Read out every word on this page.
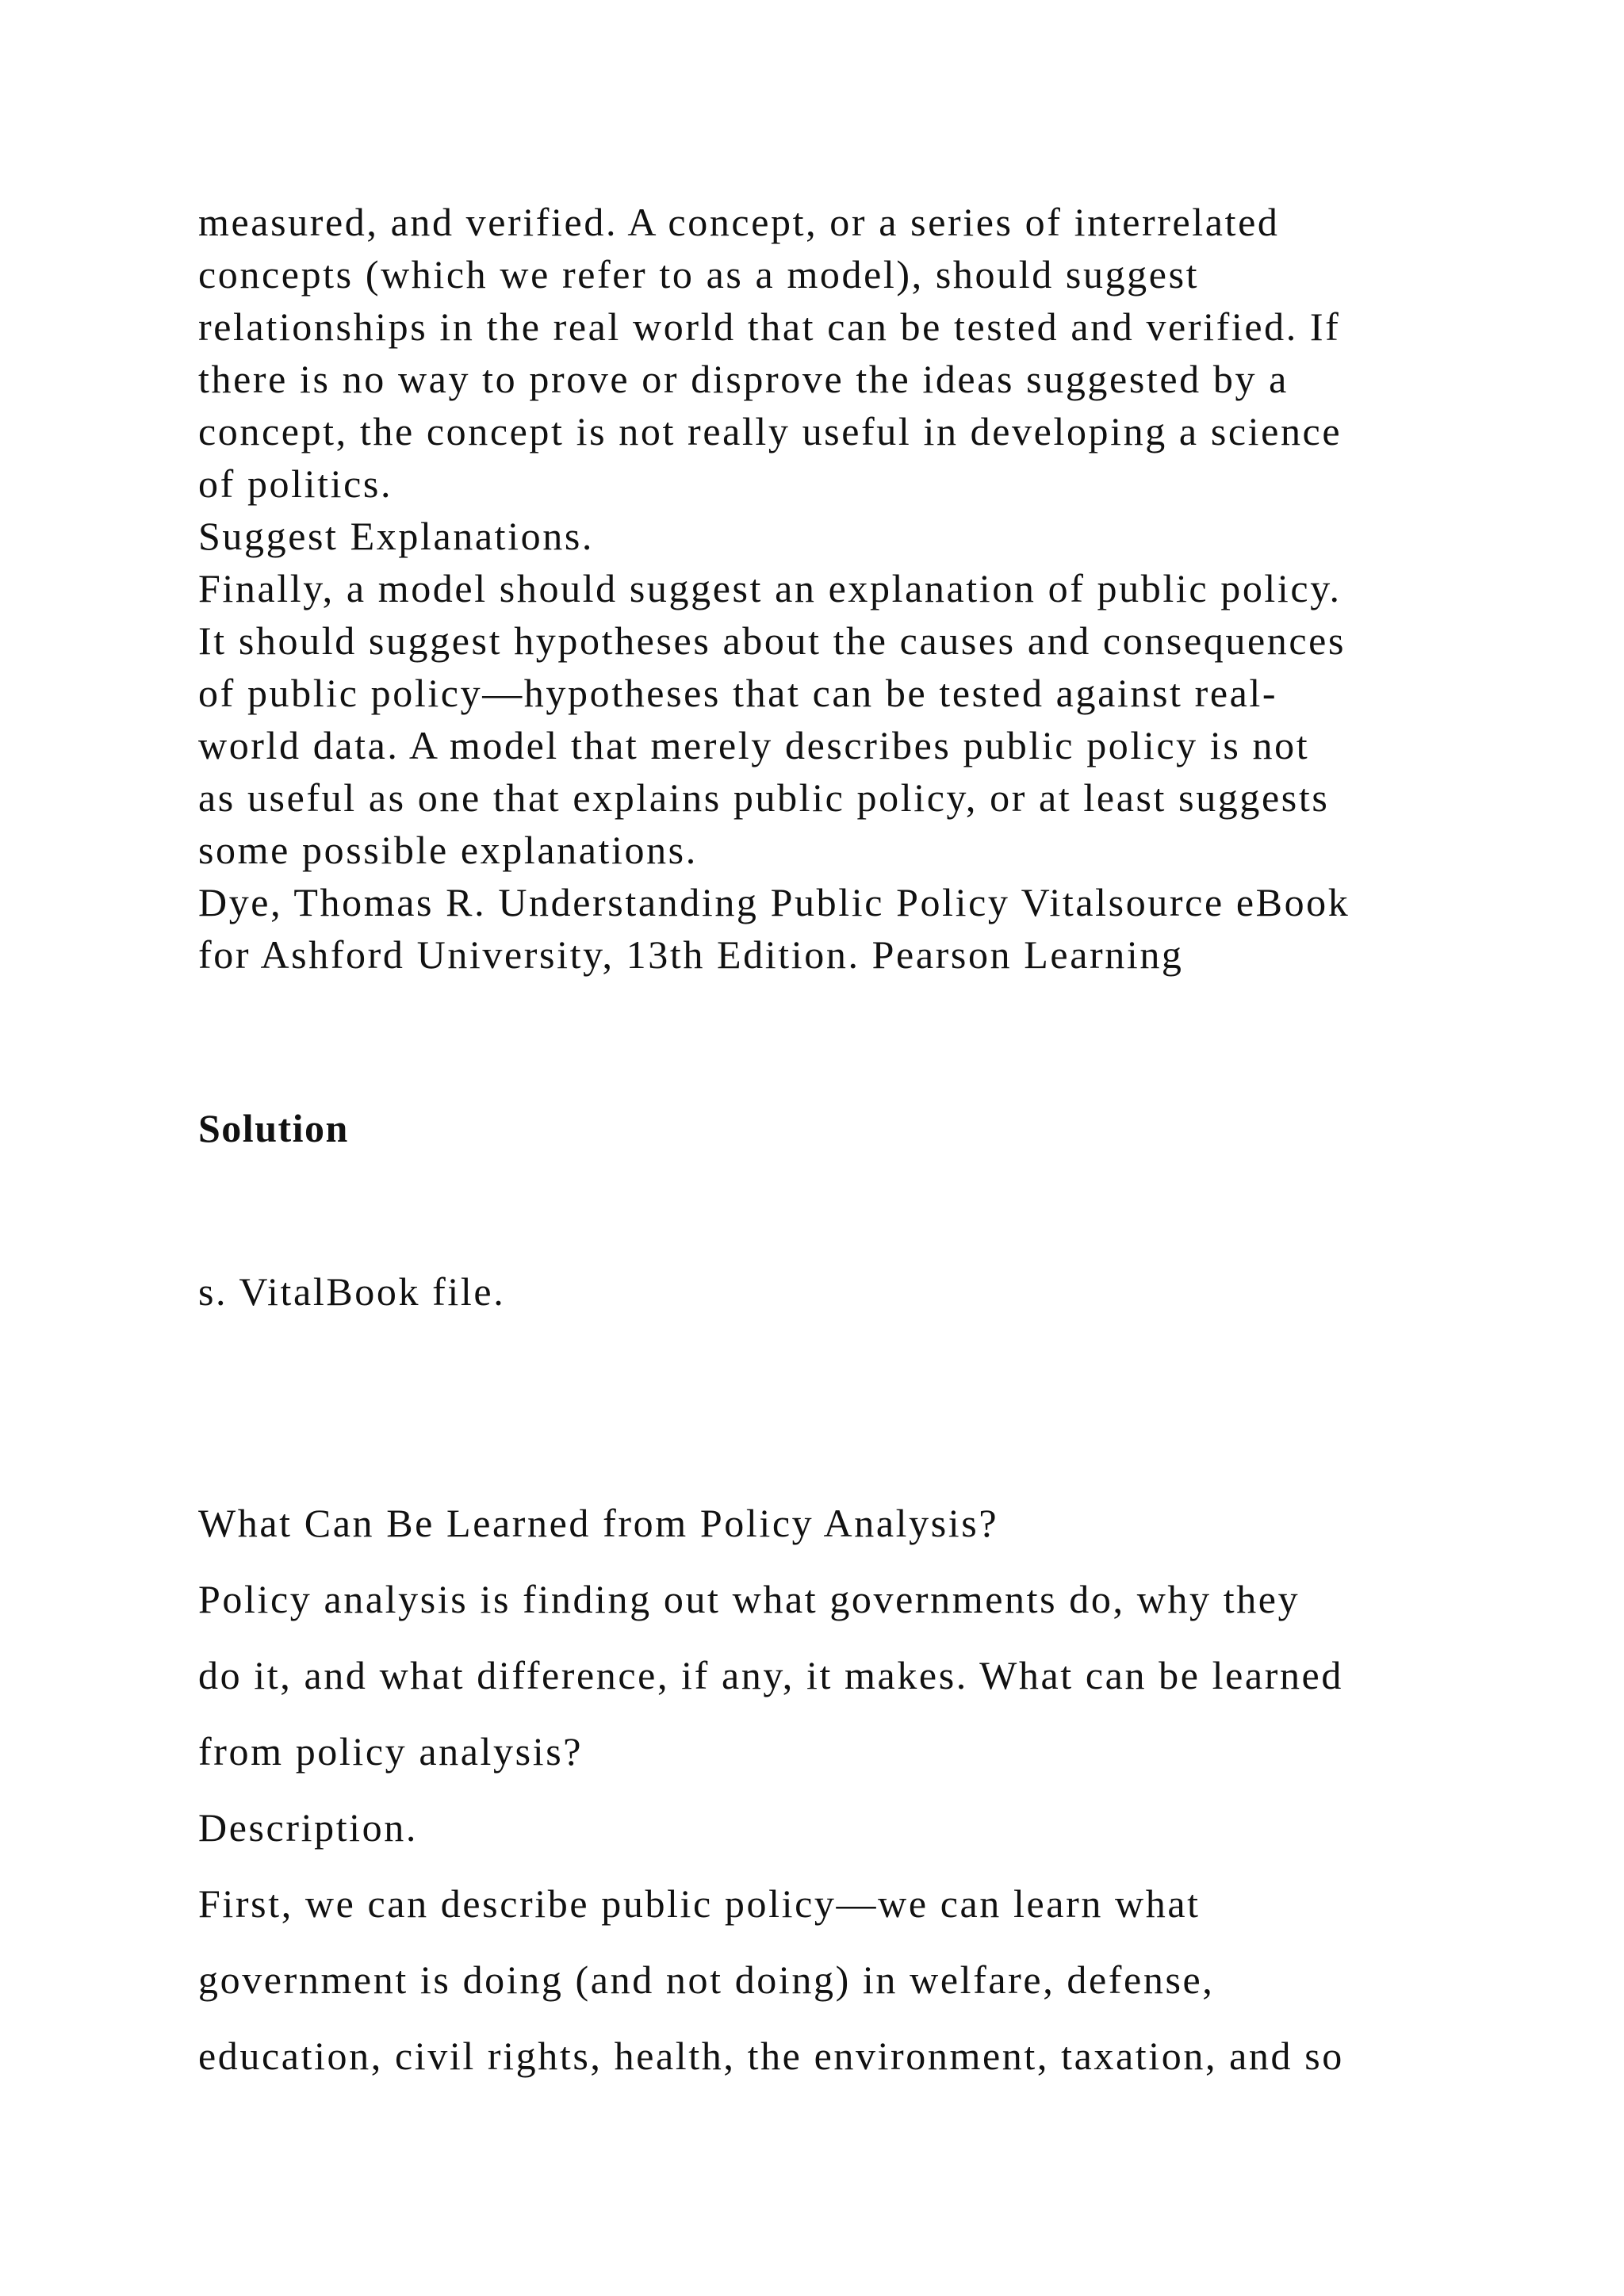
measured, and verified. A concept, or a series of interrelated

concepts (which we refer to as a model), should suggest

relationships in the real world that can be tested and verified. If

there is no way to prove or disprove the ideas suggested by a

concept, the concept is not really useful in developing a science

of politics.

Suggest Explanations.

Finally, a model should suggest an explanation of public policy.

It should suggest hypotheses about the causes and consequences

of public policy—hypotheses that can be tested against real-

world data. A model that merely describes public policy is not

as useful as one that explains public policy, or at least suggests

some possible explanations.

Dye, Thomas R. Understanding Public Policy Vitalsource eBook

for Ashford University, 13th Edition. Pearson Learning

Solution

s. VitalBook file.

What Can Be Learned from Policy Analysis?

Policy analysis is finding out what governments do, why they

do it, and what difference, if any, it makes. What can be learned

from policy analysis?

Description.

First, we can describe public policy—we can learn what

government is doing (and not doing) in welfare, defense,

education, civil rights, health, the environment, taxation, and so
